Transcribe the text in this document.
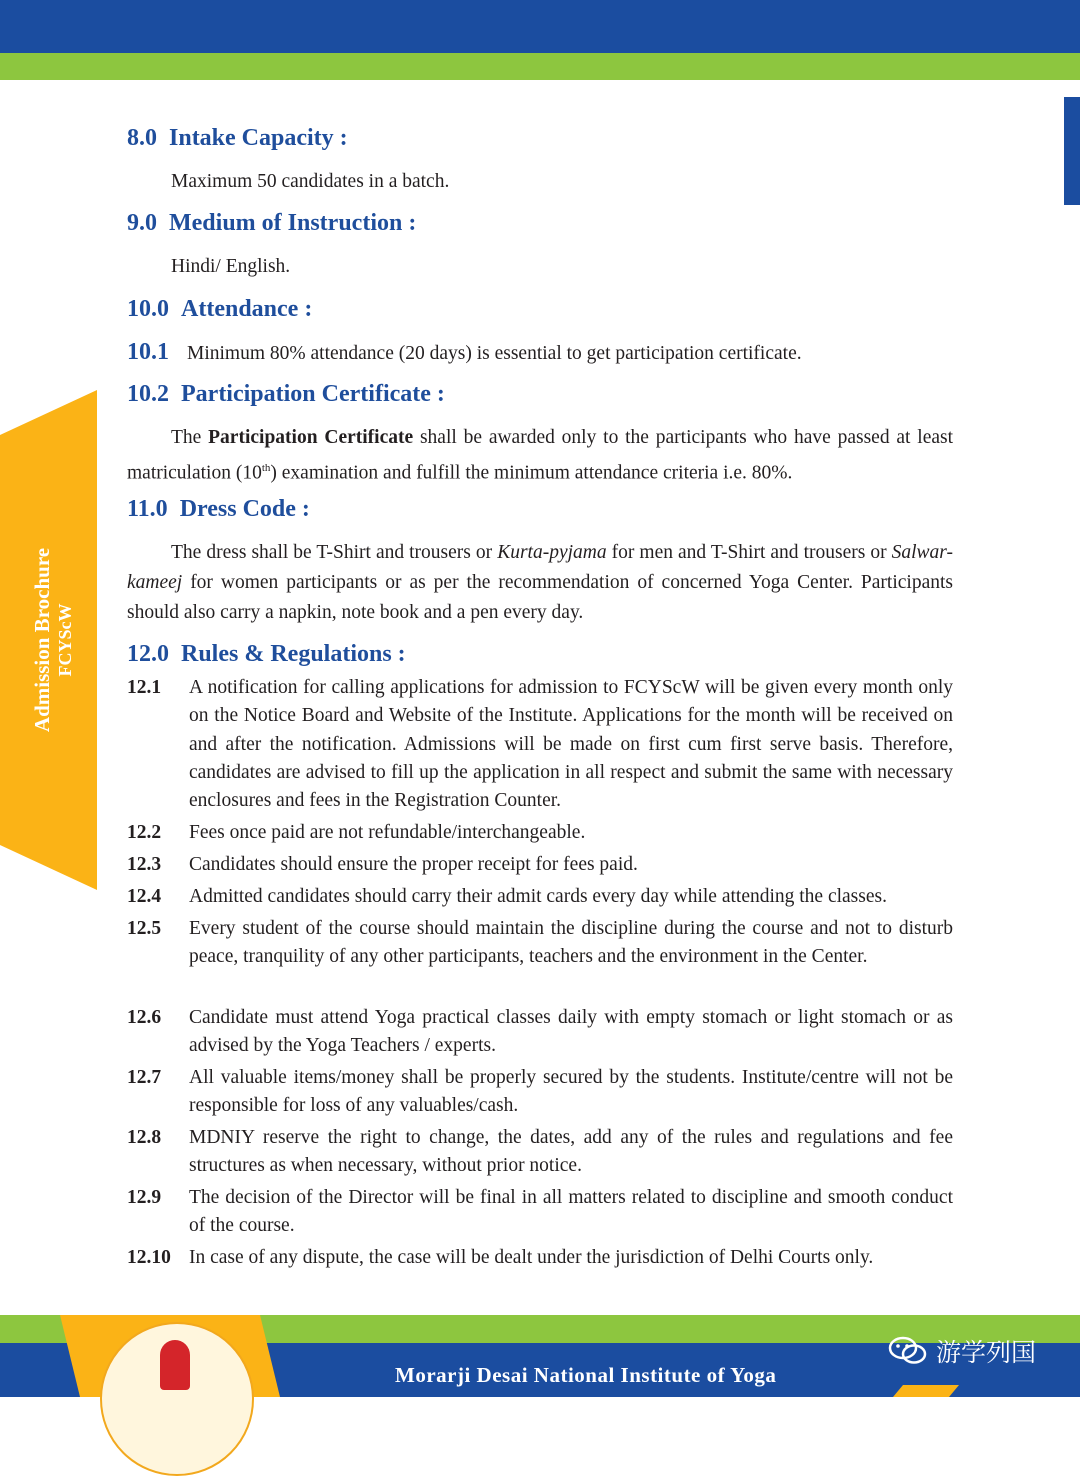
Admission Brochure FCYScW
8.0 Intake Capacity :

Maximum 50 candidates in a batch.

9.0 Medium of Instruction :

Hindi/ English.

10.0 Attendance :
10.1 Minimum 80% attendance (20 days) is essential to get participation certificate.
10.2 Participation Certificate :

The Participation Certificate shall be awarded only to the participants who have passed at least matriculation (10th) examination and fulfill the minimum attendance criteria i.e. 80%.

11.0 Dress Code :

The dress shall be T-Shirt and trousers or Kurta-pyjama for men and T-Shirt and trousers or Salwar- kameej for women participants or as per the recommendation of concerned Yoga Center. Participants should also carry a napkin, note book and a pen every day.

12.0 Rules & Regulations :
12.1	A notification for calling applications for admission to FCYScW will be given every month only on the Notice Board and Website of the Institute. Applications for the month will be received on and after the notification. Admissions will be made on first cum first serve basis. Therefore, candidates are advised to fill up the application in all respect and submit the same with necessary enclosures and fees in the Registration Counter.
12.2	Fees once paid are not refundable/interchangeable.
12.3	Candidates should ensure the proper receipt for fees paid.
12.4	Admitted candidates should carry their admit cards every day while attending the classes.
12.5	Every student of the course should maintain the discipline during the course and not to disturb peace, tranquility of any other participants, teachers and the environment in the Center.
12.6	Candidate must attend Yoga practical classes daily with empty stomach or light stomach or as advised by the Yoga Teachers / experts.
12.7	All valuable items/money shall be properly secured by the students. Institute/centre will not be responsible for loss of any valuables/cash.
12.8	MDNIY reserve the right to change, the dates, add any of the rules and regulations and fee structures as when necessary, without prior notice.
12.9	The decision of the Director will be final in all matters related to discipline and smooth conduct of the course.
12.10 In case of any dispute, the case will be dealt under the jurisdiction of Delhi Courts only.
Morarji Desai National Institute of Yoga
游学列国
